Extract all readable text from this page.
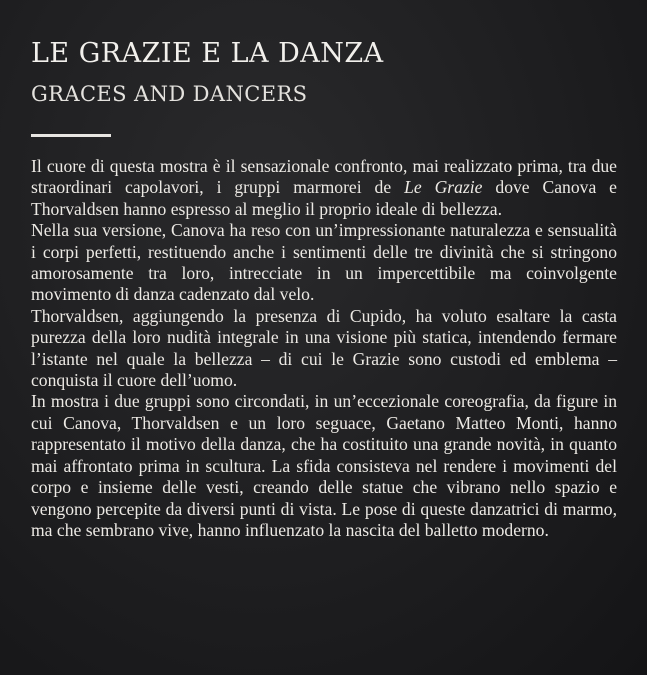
LE GRAZIE E LA DANZA
GRACES AND DANCERS

Il cuore di questa mostra è il sensazionale confronto, mai realizzato prima, tra due straordinari capolavori, i gruppi marmorei de Le Grazie dove Canova e Thorvaldsen hanno espresso al meglio il proprio ideale di bellezza.

Nella sua versione, Canova ha reso con un’impressionante naturalezza e sensualità i corpi perfetti, restituendo anche i sentimenti delle tre divinità che si stringono amorosamente tra loro, intrecciate in un impercettibile ma coinvolgente movimento di danza cadenzato dal velo.

Thorvaldsen, aggiungendo la presenza di Cupido, ha voluto esaltare la casta purezza della loro nudità integrale in una visione più statica, intendendo fermare l’istante nel quale la bellezza – di cui le Grazie sono custodi ed emblema – conquista il cuore dell’uomo.

In mostra i due gruppi sono circondati, in un’eccezionale coreografia, da figure in cui Canova, Thorvaldsen e un loro seguace, Gaetano Matteo Monti, hanno rappresentato il motivo della danza, che ha costituito una grande novità, in quanto mai affrontato prima in scultura. La sfida consisteva nel rendere i movimenti del corpo e insieme delle vesti, creando delle statue che vibrano nello spazio e vengono percepite da diversi punti di vista. Le pose di queste danzatrici di marmo, ma che sembrano vive, hanno influenzato la nascita del balletto moderno.
